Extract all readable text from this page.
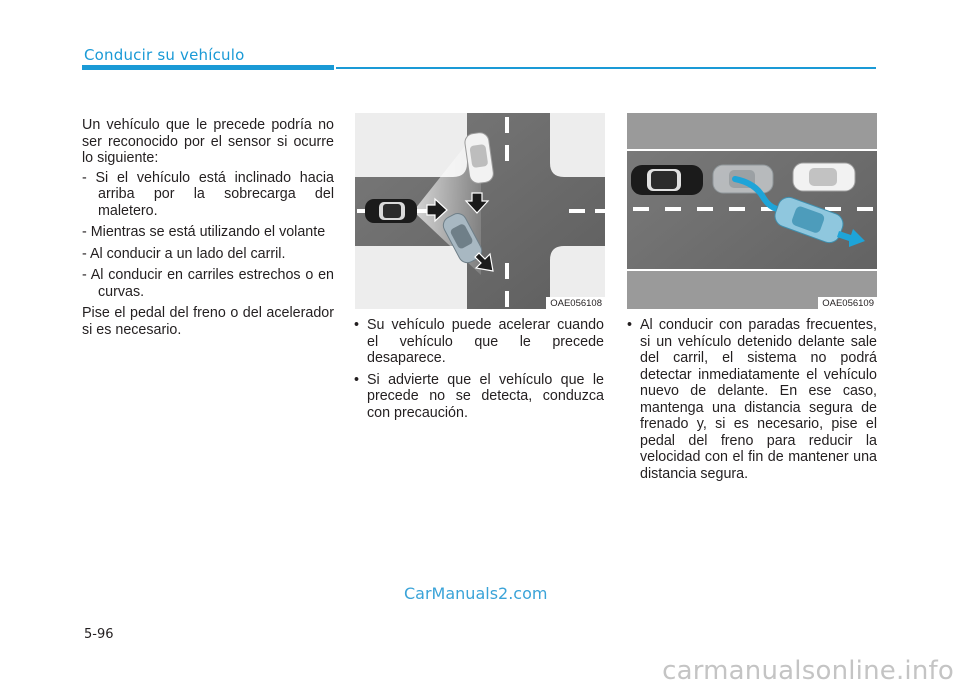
Conducir su vehículo

Un vehículo que le precede podría no ser reconocido por el sensor si ocurre lo siguiente:

- Si el vehículo está inclinado hacia arriba por la sobrecarga del maletero.

- Mientras se está utilizando el volante

- Al conducir a un lado del carril.

- Al conducir en carriles estrechos o en curvas.

Pise el pedal del freno o del acelerador si es necesario.

OAE056108	OAE056109

• Su vehículo puede acelerar cuando el vehículo que le precede desaparece.

• Si advierte que el vehículo que le precede no se detecta, conduzca con precaución.

• Al conducir con paradas frecuentes, si un vehículo detenido delante sale del carril, el sistema no podrá detectar inmediatamente el vehículo nuevo de delante. En ese caso, mantenga una distancia segura de frenado y, si es necesario, pise el pedal del freno para reducir la velocidad con el fin de mantener una distancia segura.

5-96
CarManuals2.com
carmanualsonline.info
